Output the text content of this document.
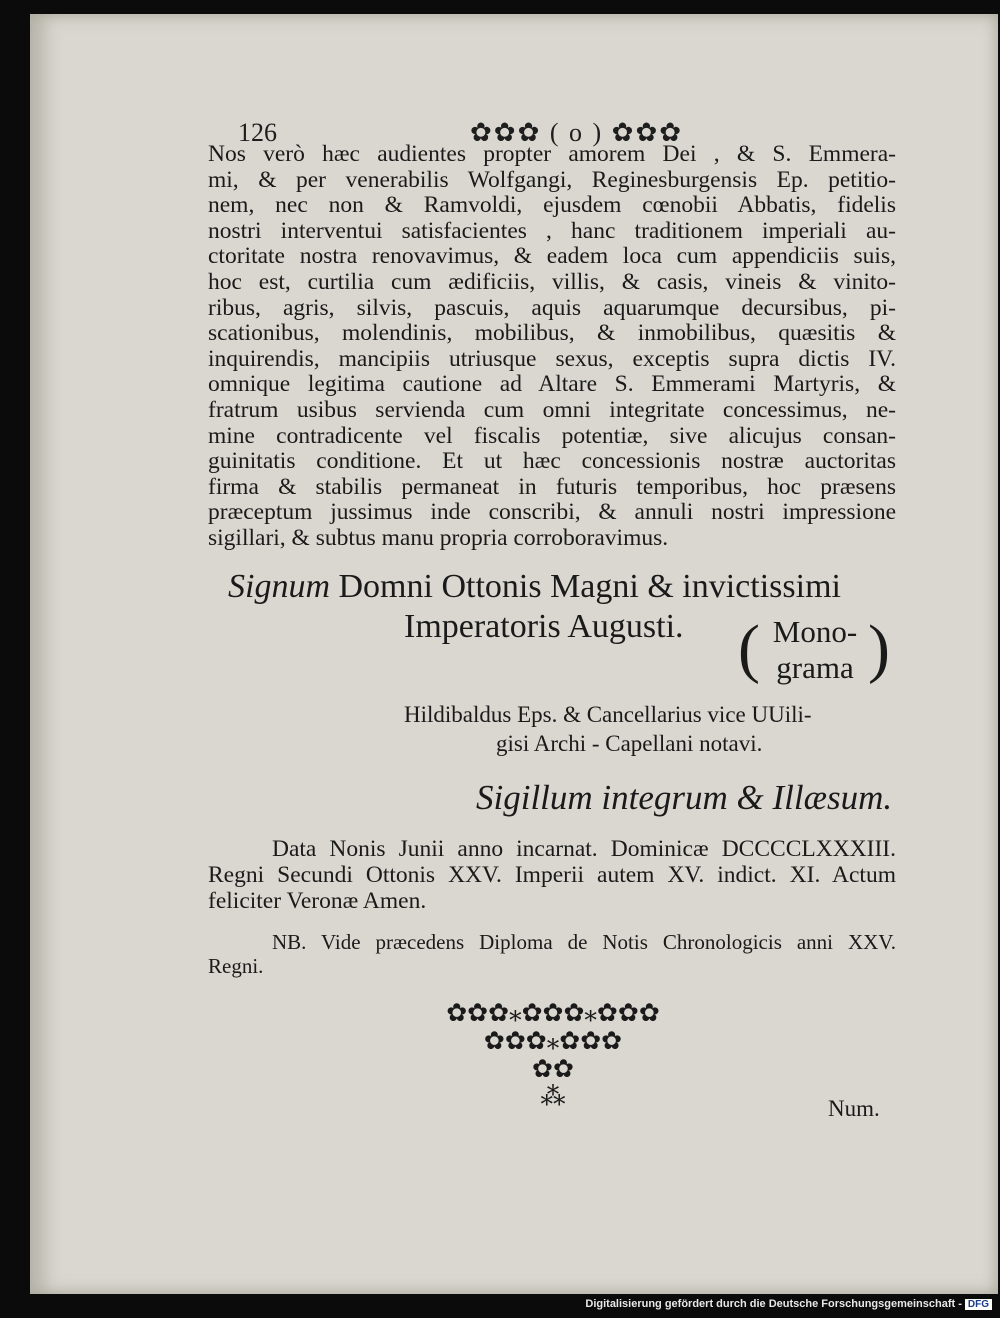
126	✿✿✿ ( o ) ✿✿✿
Nos verò hæc audientes propter amorem Dei , & S. Emmera-
mi, & per venerabilis Wolfgangi, Reginesburgensis Ep. petitio-
nem, nec non & Ramvoldi, ejusdem cœnobii Abbatis, fidelis
nostri interventui satisfacientes , hanc traditionem imperiali au-
ctoritate nostra renovavimus, & eadem loca cum appendiciis suis,
hoc est, curtilia cum ædificiis, villis, & casis, vineis & vinito-
ribus, agris, silvis, pascuis, aquis aquarumque decursibus, pi-
scationibus, molendinis, mobilibus, & inmobilibus, quæsitis &
inquirendis, mancipiis utriusque sexus, exceptis supra dictis IV.
omnique legitima cautione ad Altare S. Emmerami Martyris, &
fratrum usibus servienda cum omni integritate concessimus, ne-
mine contradicente vel fiscalis potentiæ, sive alicujus consan-
guinitatis conditione. Et ut hæc concessionis nostræ auctoritas
firma & stabilis permaneat in futuris temporibus, hoc præsens
præceptum jussimus inde conscribi, & annuli nostri impressione
sigillari, & subtus manu propria corroboravimus.
Signum Domni Ottonis Magni & invictissimi
Imperatoris Augusti. ( Mono-
grama )
Hildibaldus Eps. & Cancellarius vice UUili-
gisi Archi - Capellani notavi.
Sigillum integrum & Illæsum.
Data Nonis Junii anno incarnat. Dominicæ DCCCCLXXXIII.
Regni Secundi Ottonis XXV. Imperii autem XV. indict. XI. Actum
feliciter Veronæ Amen.
NB. Vide præcedens Diploma de Notis Chronologicis anni XXV.
Regni.
✿✿✿⁎✿✿✿⁎✿✿✿
✿✿✿⁎✿✿✿
✿✿
⁂	Num.
Digitalisierung gefördert durch die Deutsche Forschungsgemeinschaft - DFG
